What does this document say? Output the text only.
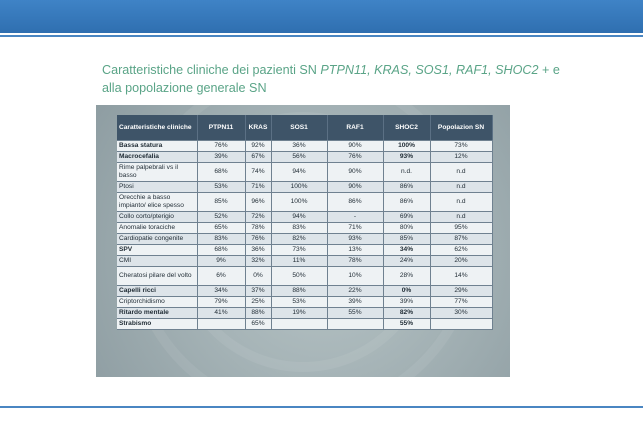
Caratteristiche cliniche dei pazienti SN PTPN11, KRAS, SOS1, RAF1, SHOC2 + e alla popolazione generale SN
Caratteristiche cliniche	PTPN11	KRAS	SOS1	RAF1	SHOC2	Popolazion SN
Bassa statura	76%	92%	36%	90%	100%	73%
Macrocefalia	39%	67%	56%	76%	93%	12%
Rime palpebrali vs il basso	68%	74%	94%	90%	n.d.	n.d
Ptosi	53%	71%	100%	90%	86%	n.d
Orecchie a basso impianto/ elice spesso	85%	96%	100%	86%	86%	n.d
Collo corto/pterigio	52%	72%	94%	-	69%	n.d
Anomalie toraciche	65%	78%	83%	71%	80%	95%
Cardiopatie congenite	83%	76%	82%	93%	85%	87%
SPV	68%	36%	73%	13%	34%	62%
CMI	9%	32%	11%	78%	24%	20%
Cheratosi pilare del volto	6%	0%	50%	10%	28%	14%
Capelli ricci	34%	37%	88%	22%	0%	29%
Criptorchidismo	79%	25%	53%	39%	39%	77%
Ritardo mentale	41%	88%	19%	55%	82%	30%
Strabismo		65%			55%	
